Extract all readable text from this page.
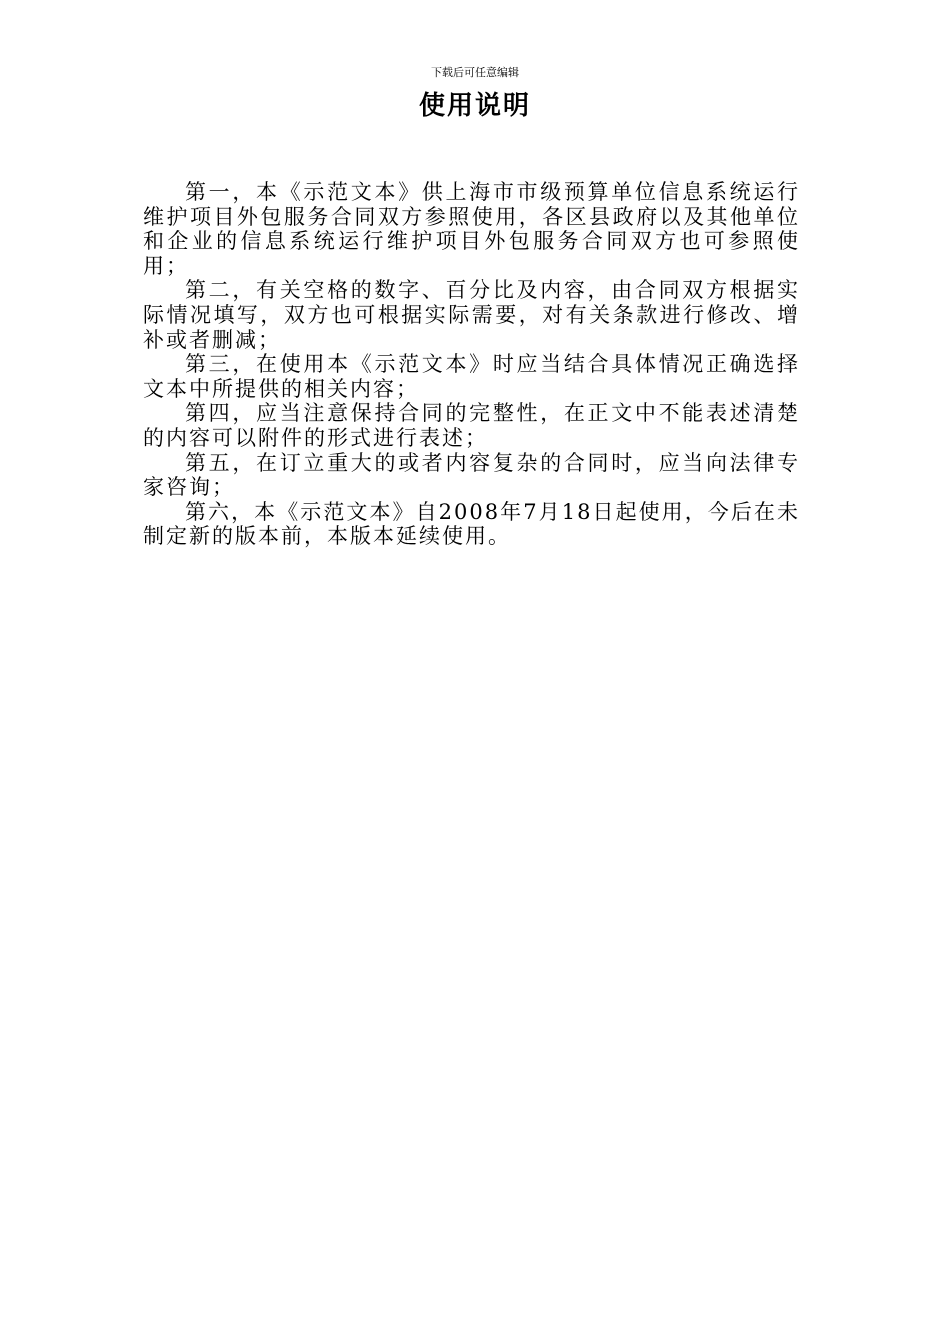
下载后可任意编辑
使用说明

第一，本《示范文本》供上海市市级预算单位信息系统运行维护项目外包服务合同双方参照使用，各区县政府以及其他单位和企业的信息系统运行维护项目外包服务合同双方也可参照使用；

第二，有关空格的数字、百分比及内容，由合同双方根据实际情况填写，双方也可根据实际需要，对有关条款进行修改、增补或者删减；

第三，在使用本《示范文本》时应当结合具体情况正确选择文本中所提供的相关内容；

第四，应当注意保持合同的完整性，在正文中不能表述清楚的内容可以附件的形式进行表述；

第五，在订立重大的或者内容复杂的合同时，应当向法律专家咨询；

第六，本《示范文本》自2008年7月18日起使用，今后在未制定新的版本前，本版本延续使用。
